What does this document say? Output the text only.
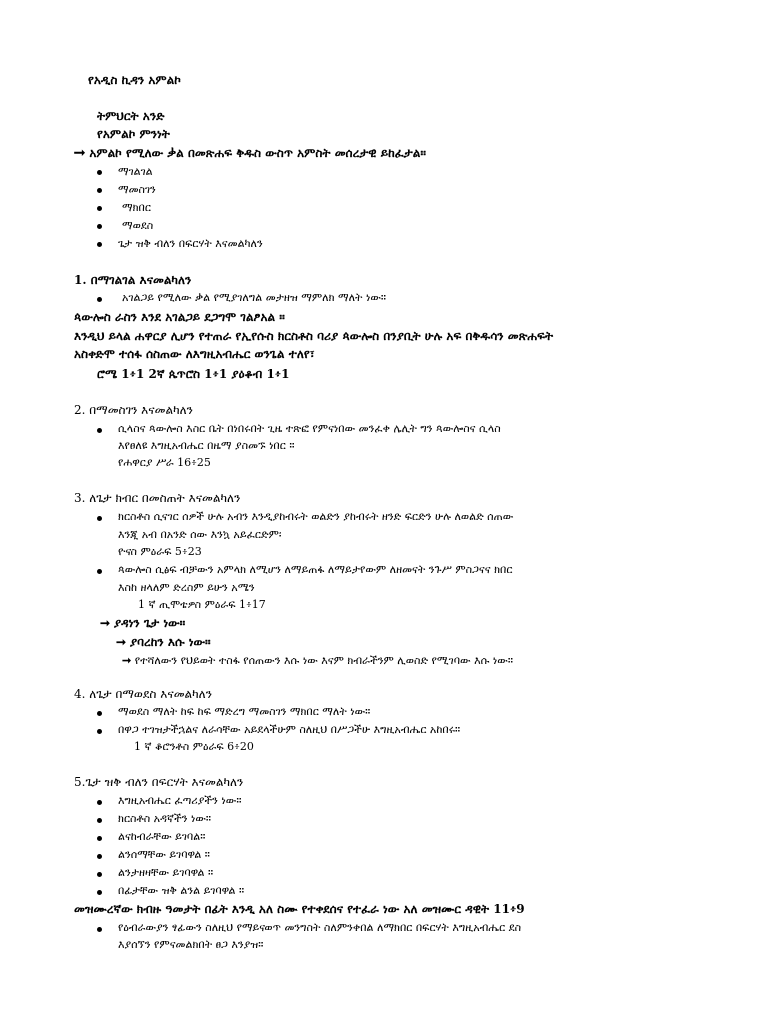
የአዲስ ኪዳን አምልኮ
ትምህርት አንድ
የአምልኮ ምንነት
➞ አምልኮ የሚለው ቃል በመጽሐፍ ቅዱስ ውስጥ አምስት መሰረታዊ ይከፈታል።
ማገልገል
ማመስገን
ማክበር
ማወደስ
ጌታ ዝቅ ብለን በፍርሃት እናመልካለን
1. በማገልገል እናመልካለን
አገልጋይ የሚለው ቃል የሚያገለግል መታዘዝ ማምለክ ማለት ነው።
ጳውሎስ ራስን እንደ አገልጋይ ደጋግሞ ገልፆአል ።
እንዲህ ይላል ሐዋርያ ሊሆን የተጠራ የኢየሱስ ክርስቶስ ባሪያ ጳውሎስ በንያቢት ሁሉ አፍ በቅዱሳን መጽሐፍት
አስቀድሞ ተሰፋ ሰስጠው ለእግዚአብሔር ወንጌል ተለየ፣
ሮሜ 1፥1 2ኛ ጴጥሮስ 1፥1 ያዕቆብ 1፥1
2. በማመስገን እናመልካለን
ሲላስና ጳውሎስ እስር ቤት በነበሩበት ጊዜ ተጽፎ የምናነበው መንፈቀ ሌሊት ግን ጳውሎስና ሲላስ
እየፀለዩ እግዚአብሔር በዜማ ያስመኙ ነበር ።
የሐዋርያ ሥራ 16፥25
3. ለጌታ ክብር በመስጠት እናመልካለን
ክርስቶስ ሲናገር ሰዎች ሁሉ አብን እንዲያከብሩት ወልድን ያከብሩት ዘንድ ፍርድን ሁሉ ለወልድ ሰጠው
እንጂ አብ በአንድ ሰው እንኳ አይፈርድም፡
ዮናስ ምዕራፍ 5፥23
ጳውሎስ ሲፅፍ ብቻውን አምላክ ለሚሆን ለማይጠፋ ለማይታየውም ለዘመናት ንጉሥ ምስጋናና ክበር
እስከ ዘላለም ድረስም ይሁን አሜን
1 ኛ ጢሞቴዎስ ምዕራፍ 1፥17
➞ ያዳነን ጌታ ነው።
➞ ያባረከን እሱ ነው።
➞ የተሻለውን የህይወት ተስፋ የሰጠውን እሱ ነው እናም ክብራችንም ሊወስድ የሚገባው እሱ ነው።
4. ለጌታ በማወደስ እናመልካለን
ማወደስ ማለት ከፍ ከፍ ማድረግ ማመስገን ማክበር ማለት ነው።
በዋጋ ተገዝታችኋልና ለራሳቸው አይደላችሁም ስለዚህ በሥጋችሁ እግዚአብሔር አከበሩ።
1 ኛ ቆሮንቶስ ምዕራፍ 6፥20
5.ጌታ ዝቅ ብለን በፍርሃት እናመልካለን
እግዚአብሔር ፈጣሪያችን ነው።
ክርስቶስ አዳኛችን ነው።
ልናከብራቸው ይገባል።
ልንሰማቸው ይገባዋል ።
ልንታዘዛቸው ይገባዋል ።
በፊታቸው ዝቅ ልንል ይገባዋል ።
መዝሙረኛው ክብዙ ዓመታት በፊት እንዲ አለ ስሙ የተቀደሰና የተፈራ ነው አለ መዝሙር ዳዊት 11፥9
የዕብራውያን ፃፊውን ስለዚህ የማይናወጥ መንግስት ስለምንቀበል ለማክበር በፍርሃት እግዚአብሔር ደስ
እያሰኘን የምናመልክበት ፀጋ እንያዝ።
